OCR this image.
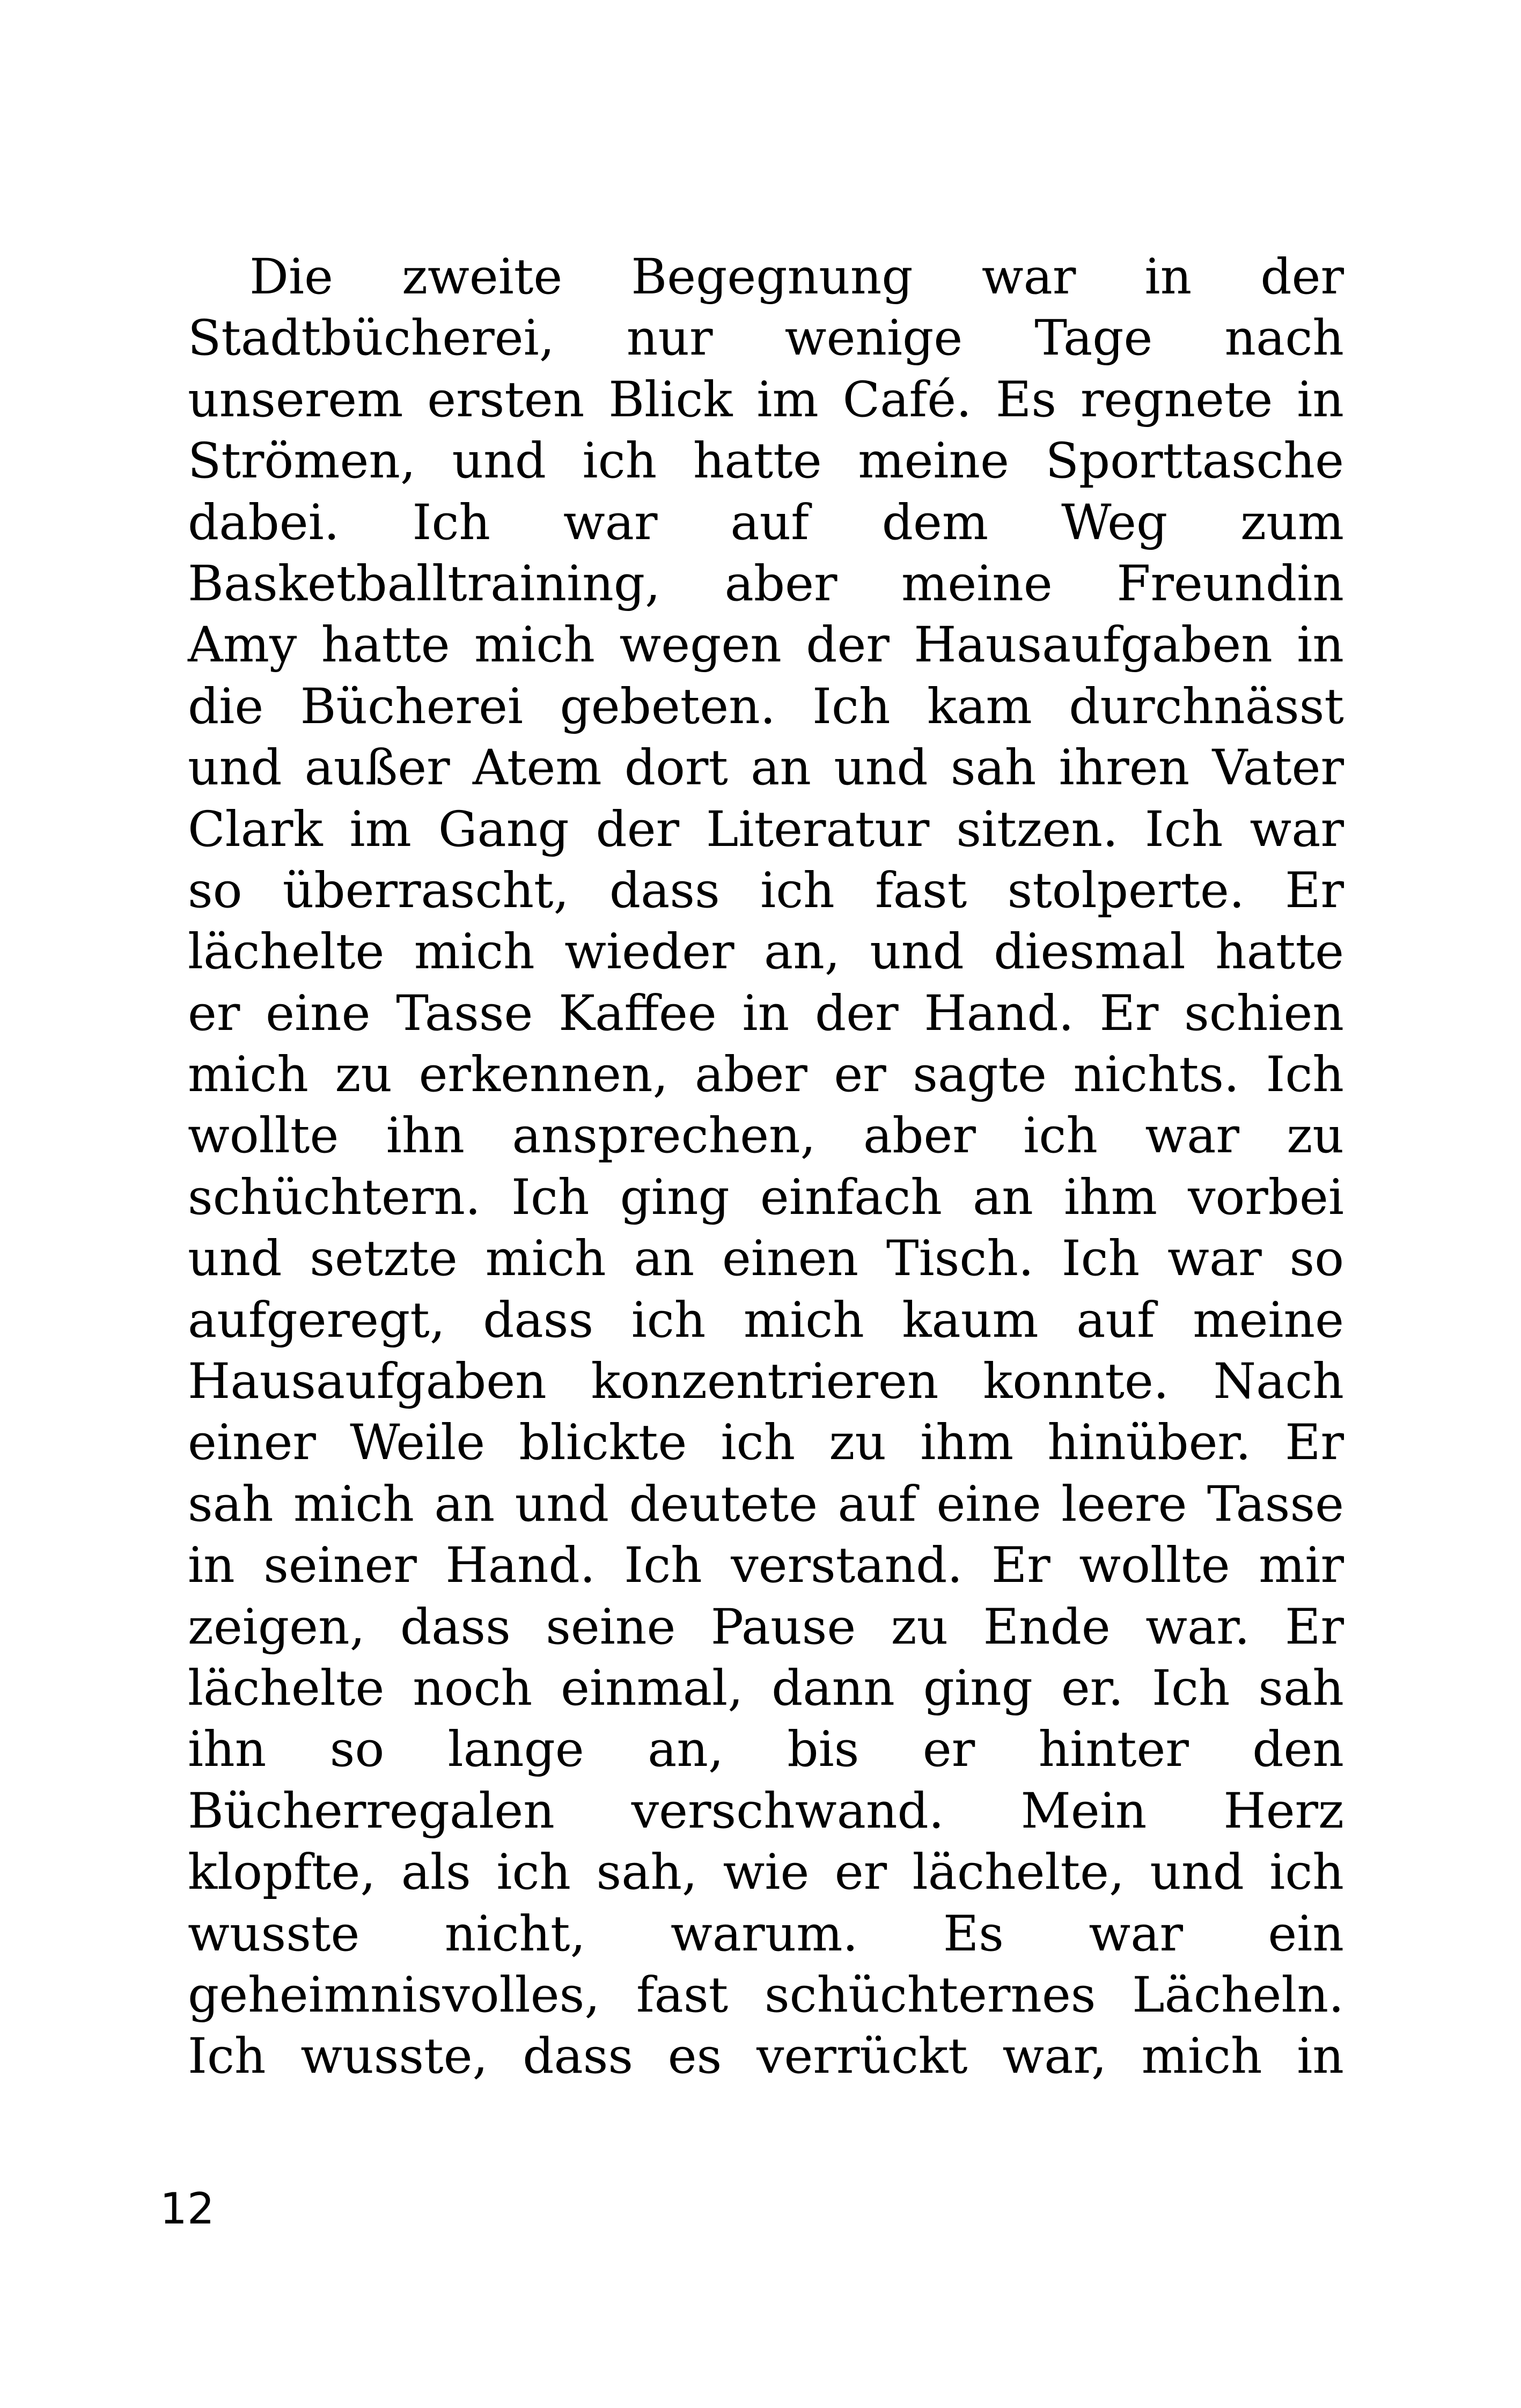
Die zweite Begegnung war in der
Stadtbücherei, nur wenige Tage nach
unserem ersten Blick im Café. Es regnete in
Strömen, und ich hatte meine Sporttasche
dabei. Ich war auf dem Weg zum
Basketballtraining, aber meine Freundin
Amy hatte mich wegen der Hausaufgaben in
die Bücherei gebeten. Ich kam durchnässt
und außer Atem dort an und sah ihren Vater
Clark im Gang der Literatur sitzen. Ich war
so überrascht, dass ich fast stolperte. Er
lächelte mich wieder an, und diesmal hatte
er eine Tasse Kaffee in der Hand. Er schien
mich zu erkennen, aber er sagte nichts. Ich
wollte ihn ansprechen, aber ich war zu
schüchtern. Ich ging einfach an ihm vorbei
und setzte mich an einen Tisch. Ich war so
aufgeregt, dass ich mich kaum auf meine
Hausaufgaben konzentrieren konnte. Nach
einer Weile blickte ich zu ihm hinüber. Er
sah mich an und deutete auf eine leere Tasse
in seiner Hand. Ich verstand. Er wollte mir
zeigen, dass seine Pause zu Ende war. Er
lächelte noch einmal, dann ging er. Ich sah
ihn so lange an, bis er hinter den
Bücherregalen verschwand. Mein Herz
klopfte, als ich sah, wie er lächelte, und ich
wusste nicht, warum. Es war ein
geheimnisvolles, fast schüchternes Lächeln.
Ich wusste, dass es verrückt war, mich in
12
